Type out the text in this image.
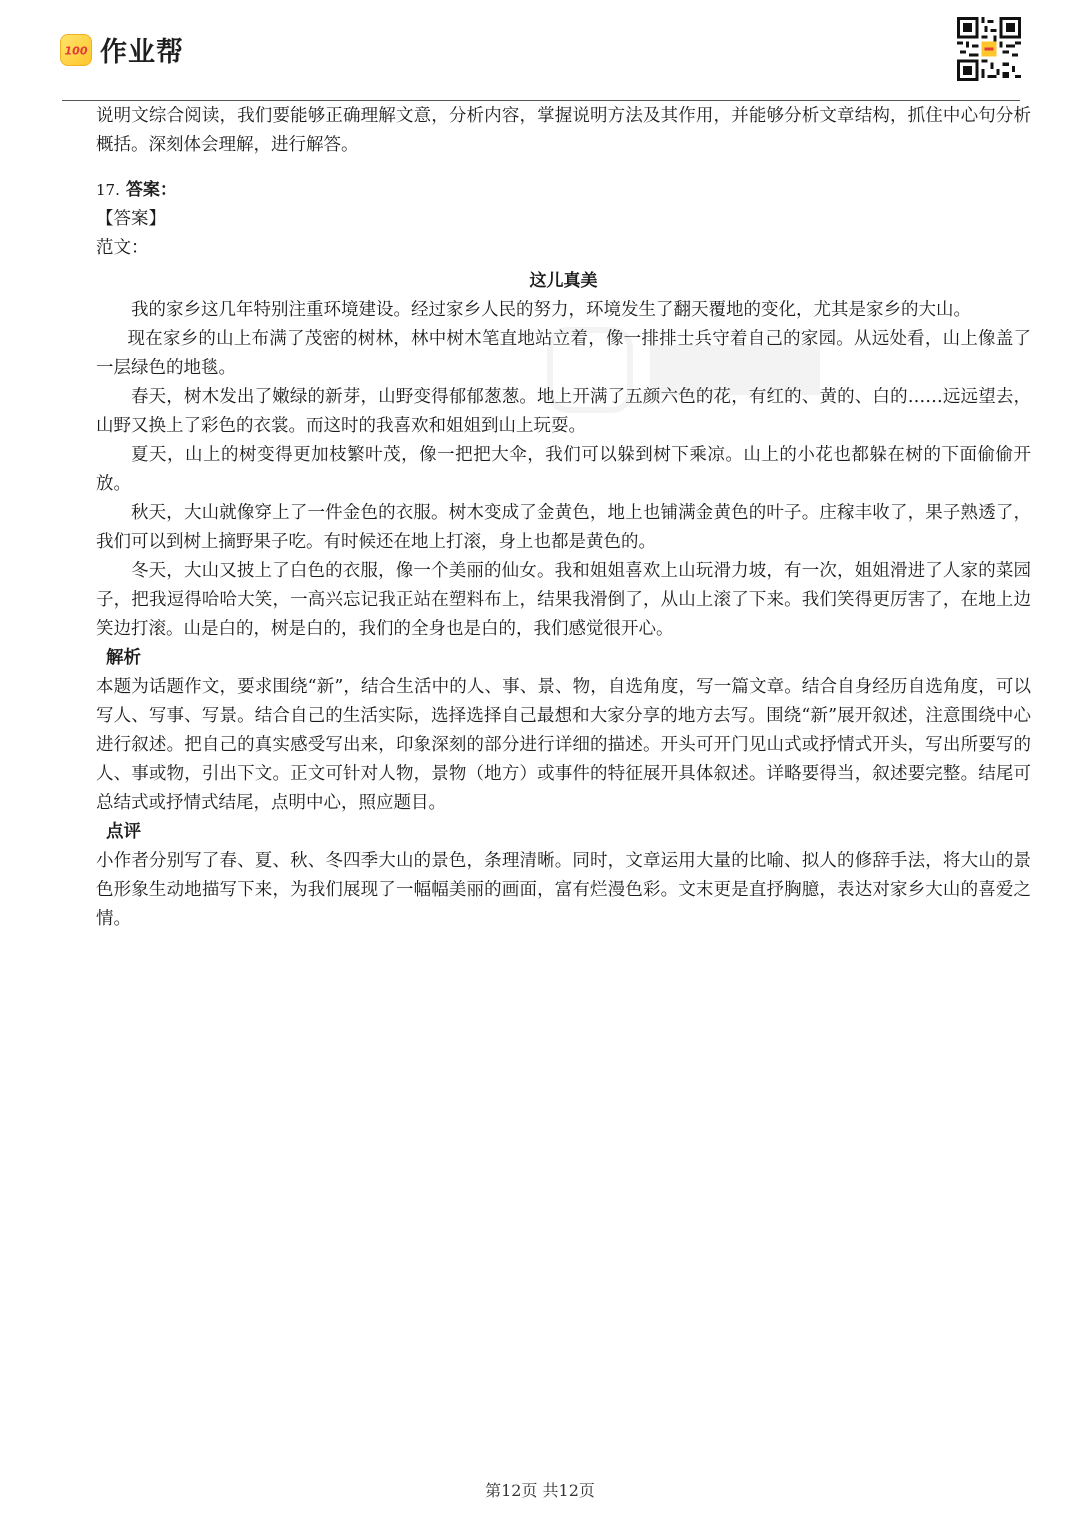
100 作业帮

说明文综合阅读，我们要能够正确理解文意，分析内容，掌握说明方法及其作用，并能够分析文章结构，抓住中心句分析概括。深刻体会理解，进行解答。

17. 答案：

【答案】

范文：

这儿真美

我的家乡这几年特别注重环境建设。经过家乡人民的努力，环境发生了翻天覆地的变化，尤其是家乡的大山。

现在家乡的山上布满了茂密的树林，林中树木笔直地站立着，像一排排士兵守着自己的家园。从远处看，山上像盖了一层绿色的地毯。

春天，树木发出了嫩绿的新芽，山野变得郁郁葱葱。地上开满了五颜六色的花，有红的、黄的、白的……远远望去，山野又换上了彩色的衣裳。而这时的我喜欢和姐姐到山上玩耍。

夏天，山上的树变得更加枝繁叶茂，像一把把大伞，我们可以躲到树下乘凉。山上的小花也都躲在树的下面偷偷开放。

秋天，大山就像穿上了一件金色的衣服。树木变成了金黄色，地上也铺满金黄色的叶子。庄稼丰收了，果子熟透了，我们可以到树上摘野果子吃。有时候还在地上打滚，身上也都是黄色的。

冬天，大山又披上了白色的衣服，像一个美丽的仙女。我和姐姐喜欢上山玩滑力坡，有一次，姐姐滑进了人家的菜园子，把我逗得哈哈大笑，一高兴忘记我正站在塑料布上，结果我滑倒了，从山上滚了下来。我们笑得更厉害了，在地上边笑边打滚。山是白的，树是白的，我们的全身也是白的，我们感觉很开心。

解析

本题为话题作文，要求围绕“新”，结合生活中的人、事、景、物，自选角度，写一篇文章。结合自身经历自选角度，可以写人、写事、写景。结合自己的生活实际，选择选择自己最想和大家分享的地方去写。围绕“新”展开叙述，注意围绕中心进行叙述。把自己的真实感受写出来，印象深刻的部分进行详细的描述。开头可开门见山式或抒情式开头，写出所要写的人、事或物，引出下文。正文可针对人物，景物（地方）或事件的特征展开具体叙述。详略要得当，叙述要完整。结尾可总结式或抒情式结尾，点明中心，照应题目。

点评

小作者分别写了春、夏、秋、冬四季大山的景色，条理清晰。同时，文章运用大量的比喻、拟人的修辞手法，将大山的景色形象生动地描写下来，为我们展现了一幅幅美丽的画面，富有烂漫色彩。文末更是直抒胸臆，表达对家乡大山的喜爱之情。

第12页 共12页
